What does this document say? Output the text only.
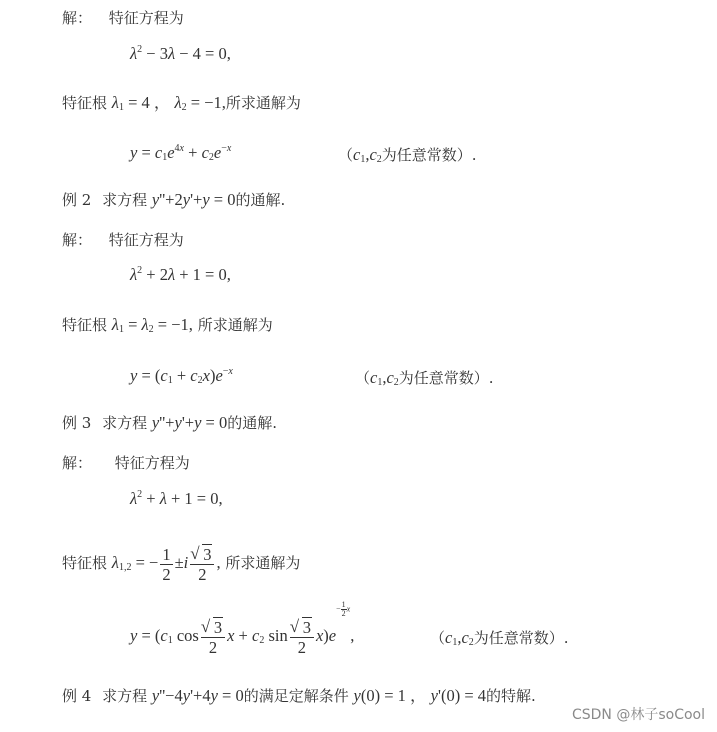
解： 特征方程为
$\lambda^2 - 3\lambda - 4 = 0$,
特征根 $\lambda_1 = 4$ ， $\lambda_2 = -1$,所求通解为
$y = c_1e^{4x} + c_2e^{-x}$	（$c_1,c_2$为任意常数）.
例 2 求方程 y''+2y'+y = 0的通解.
解： 特征方程为
$\lambda^2 + 2\lambda + 1 = 0$,
特征根 $\lambda_1 = \lambda_2 = -1$, 所求通解为
$y = (c_1 + c_2x)e^{-x}$	（$c_1,c_2$为任意常数）.
例 3 求方程 y''+y'+y = 0的通解.
解： 特征方程为
$\lambda^2 + \lambda + 1 = 0$,
特征根 $\lambda_{1,2}$ = − $\frac{1}{2} \pm i$ √ $\frac{3}{2}$ , 所求通解为
$y = (c_1$ cos √ $\frac{3}{2}$ $x + c_2$ sin √ $\frac{3}{2} x)e- \frac{1}{2} x$,	（$c_1,c_2$为任意常数）.
例 4 求方程 y''−4y'+4y = 0的满足定解条件 y(0) = 1 ， y'(0) = 4的特解.
CSDN @林子soCool
